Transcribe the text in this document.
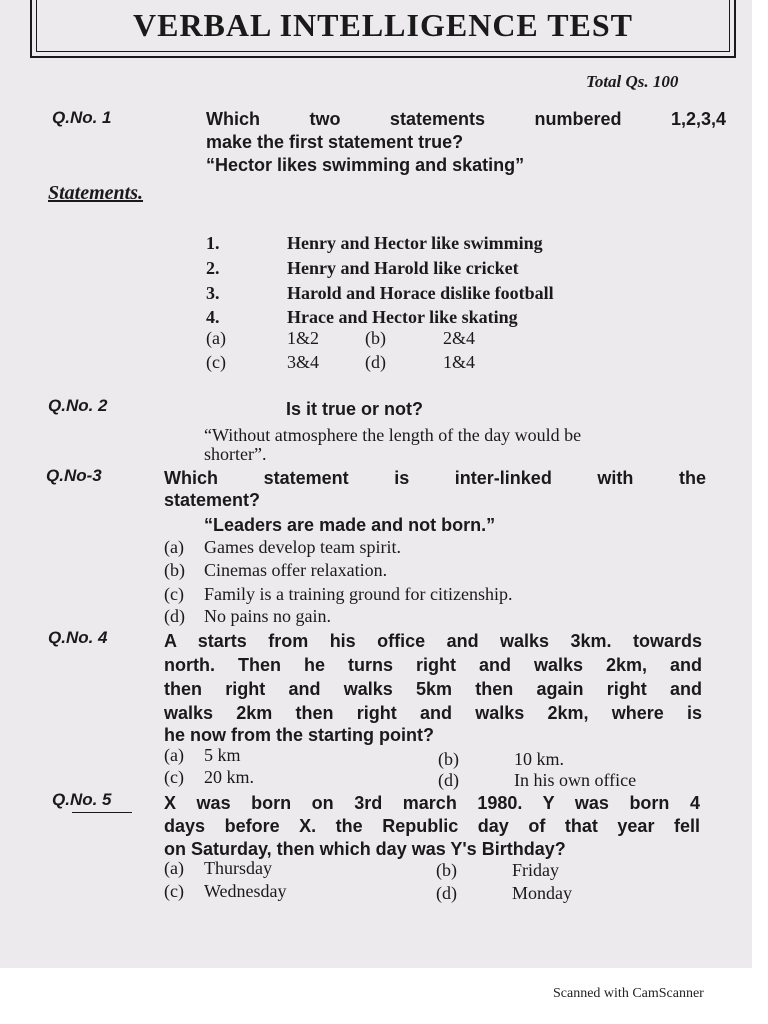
VERBAL INTELLIGENCE TEST
Total Qs. 100
Q.No. 1	Which two statements numbered 1,2,3,4
make the first statement true?
“Hector likes swimming and skating”
Statements.
1.	Henry and Hector like swimming
2.	Henry and Harold like cricket
3.	Harold and Horace dislike football
4.	Hrace and Hector like skating
(a)	1&2	(b)	2&4
(c)	3&4	(d)	1&4
Q.No. 2	Is it true or not?
“Without atmosphere the length of the day would be
shorter”.
Q.No-3	Which statement is inter-linked with the
statement?
“Leaders are made and not born.”
(a) Games develop team spirit.
(b) Cinemas offer relaxation.
(c) Family is a training ground for citizenship.
(d) No pains no gain.
Q.No. 4	A starts from his office and walks 3km. towards
north. Then he turns right and walks 2km, and
then right and walks 5km then again right and
walks 2km then right and walks 2km, where is
he now from the starting point?
(a) 5 km	(b)	10 km.
(c) 20 km.	(d)	In his own office
Q.No. 5	X was born on 3rd march 1980. Y was born 4
days before X. the Republic day of that year fell
on Saturday, then which day was Y's Birthday?
(a) Thursday	(b)	Friday
(c) Wednesday	(d)	Monday
Scanned with CamScanner
